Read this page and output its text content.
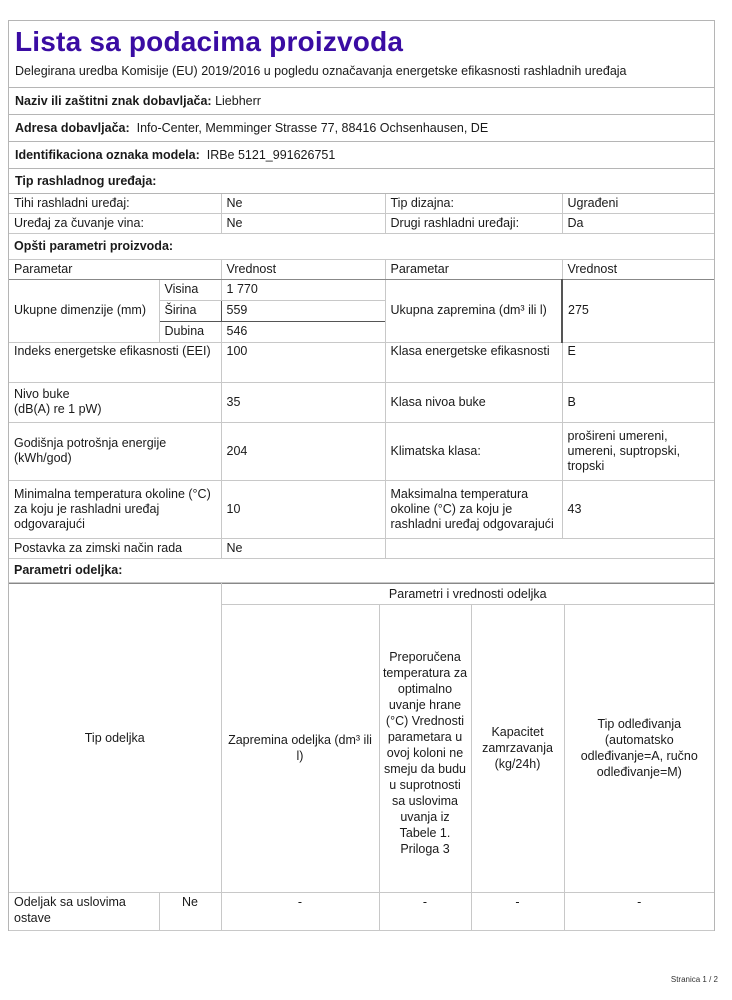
Lista sa podacima proizvoda
Delegirana uredba Komisije (EU) 2019/2016 u pogledu označavanja energetske efikasnosti rashladnih uređaja
Naziv ili zaštitni znak dobavljača: Liebherr
Adresa dobavljača: Info-Center, Memminger Strasse 77, 88416 Ochsenhausen, DE
Identifikaciona oznaka modela: IRBe 5121_991626751
Tip rashladnog uređaja:
Tihi rashladni uređaj:		Ne	Tip dizajna:	Ugrađeni
Uređaj za čuvanje vina:		Ne	Drugi rashladni uređaji:	Da
Opšti parametri proizvoda:				
Parametar		Vrednost	Parametar	Vrednost
Ukupne dimenzije (mm)	Visina	1 770	Ukupna zapremina (dm³ ili l)	275
	Širina	559		
	Dubina	546		
Indeks energetske efikasnosti (EEI)		100	Klasa energetske efikasnosti	E
Nivo buke
(dB(A) re 1 pW)		35	Klasa nivoa buke	B
Godišnja potrošnja energije (kWh/god)		204	Klimatska klasa:	prošireni umereni, umereni, suptropski, tropski
Minimalna temperatura okoline (°C) za koju je rashladni uređaj odgovarajući		10	Maksimalna temperatura okoline (°C) za koju je rashladni uređaj odgovarajući	43
Postavka za zimski način rada		Ne		
Parametri odeljka:				
Tip odeljka		Parametri i vrednosti odeljka			
		Zapremina odeljka (dm³ ili l)	Preporučena temperatura za optimalno uvanje hrane (°C) Vrednosti parametara u ovoj koloni ne smeju da budu u suprotnosti sa uslovima uvanja iz Tabele 1. Priloga 3	Kapacitet zamrzavanja (kg/24h)	Tip odleđivanja (automatsko odleđivanje=A, ručno odleđivanje=M)
Odeljak sa uslovima ostave	Ne	-	-	-	-
Stranica 1 / 2
